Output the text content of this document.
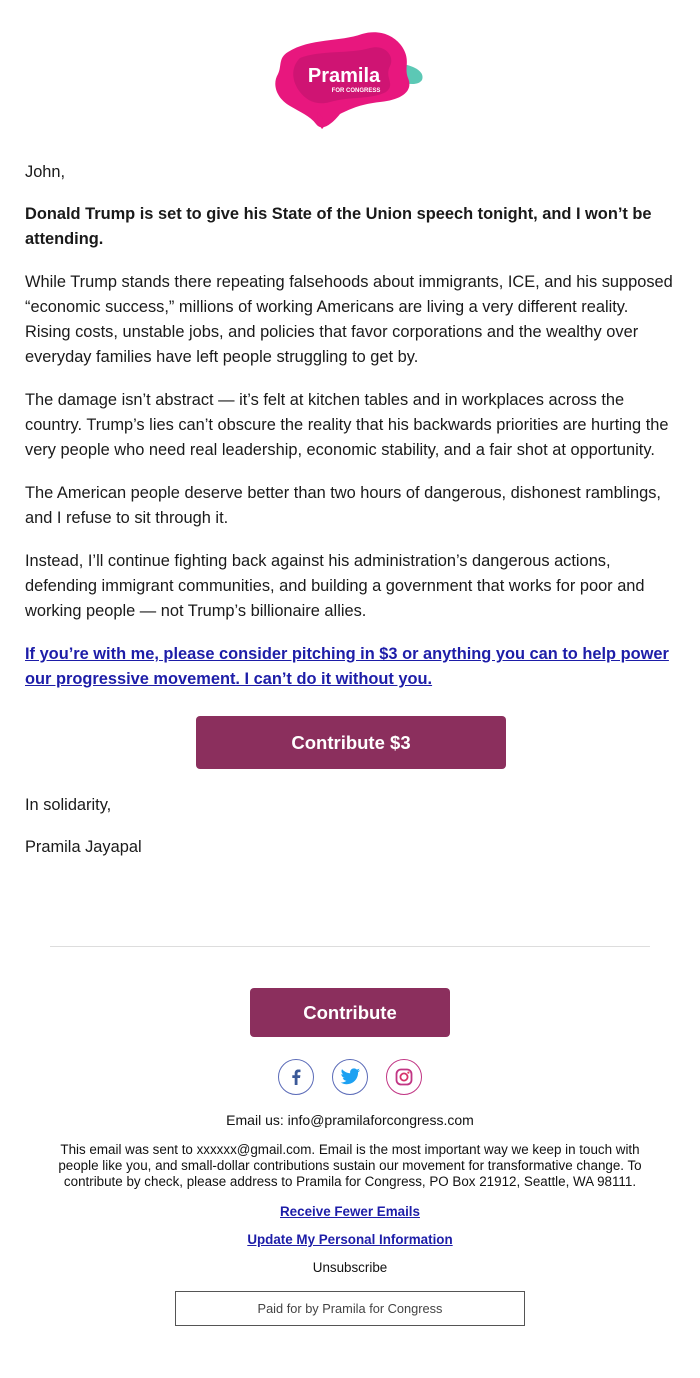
Pramila
FOR CONGRESS

John,

Donald Trump is set to give his State of the Union speech tonight, and I won’t be attending.

While Trump stands there repeating falsehoods about immigrants, ICE, and his supposed “economic success,” millions of working Americans are living a very different reality. Rising costs, unstable jobs, and policies that favor corporations and the wealthy over everyday families have left people struggling to get by.

The damage isn’t abstract — it’s felt at kitchen tables and in workplaces across the country. Trump’s lies can’t obscure the reality that his backwards priorities are hurting the very people who need real leadership, economic stability, and a fair shot at opportunity.

The American people deserve better than two hours of dangerous, dishonest ramblings, and I refuse to sit through it.

Instead, I’ll continue fighting back against his administration’s dangerous actions, defending immigrant communities, and building a government that works for poor and working people — not Trump’s billionaire allies.

If you’re with me, please consider pitching in $3 or anything you can to help power our progressive movement. I can’t do it without you.
Contribute $3

In solidarity,

Pramila Jayapal

Contribute

Email us: info@pramilaforcongress.com

This email was sent to xxxxxx@gmail.com. Email is the most important way we keep in touch with people like you, and small-dollar contributions sustain our movement for transformative change. To contribute by check, please address to Pramila for Congress, PO Box 21912, Seattle, WA 98111.

Receive Fewer Emails
Update My Personal Information

Unsubscribe

Paid for by Pramila for Congress
